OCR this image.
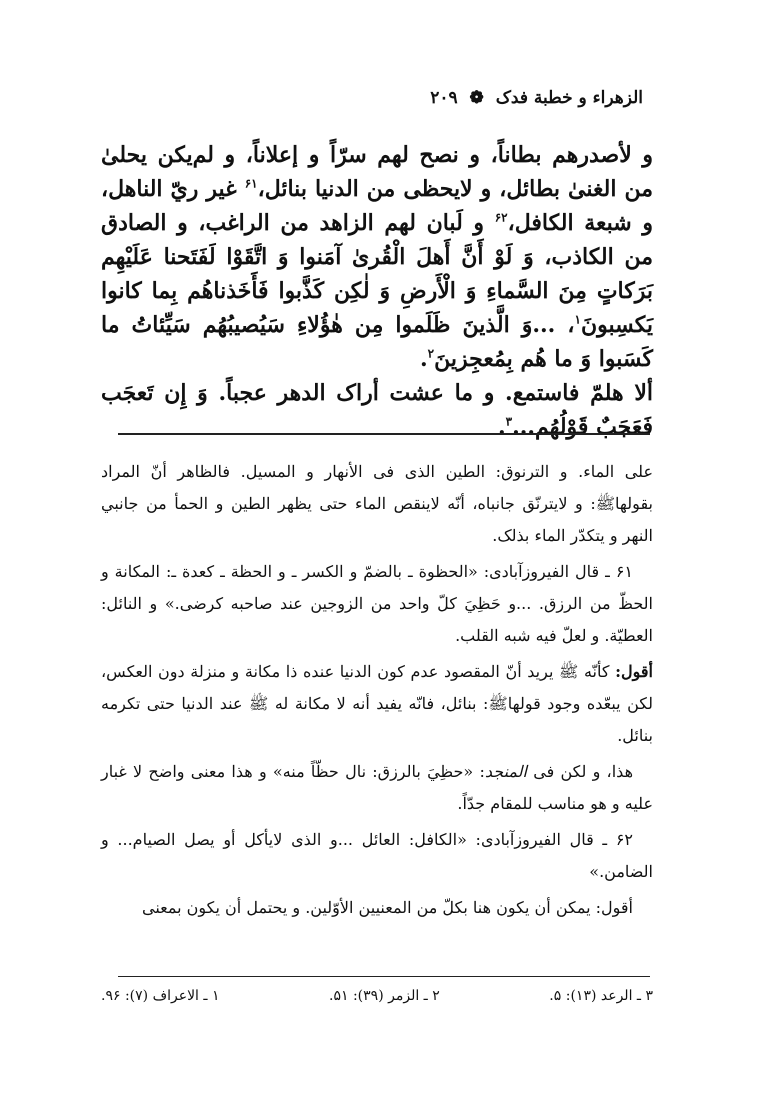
الزهراء و خطبة فدک ❁ ۲۰۹

و لأصدرهم بطاناً، و نصح لهم سرّاً و إعلاناً، و لم‌يكن يحلىٰ من الغنىٰ بطائل، و لايحظى من الدنيا بنائل،$^{۶۱}$ غير ريّ الناهل، و شبعة الكافل،$^{۶۲}$ و لَبان لهم الزاهد من الراغب، و الصادق من الكاذب، وَ لَوْ أَنَّ أَهلَ الْقُرىٰ آمَنوا وَ اتَّقَوْا لَفَتَحنا عَلَيْهِم بَرَكاتٍ مِنَ السَّماءِ وَ الْأَرضِ وَ لٰكِن كَذَّبوا فَأَخَذناهُم بِما كانوا يَكسِبونَ$^۱$، ...وَ الَّذينَ ظَلَموا مِن هٰؤُلاءِ سَيُصيبُهُم سَيِّئاتُ ما كَسَبوا وَ ما هُم بِمُعجِزينَ$^۲$.

ألا هلمّ فاستمع. و ما عشت أراک الدهر عجباً. وَ إِن تَعجَب فَعَجَبٌ قَوْلُهُم...$^۳$.

على الماء. و الترنوق: الطين الذى فى الأنهار و المسيل. فالظاهر أنّ المراد بقولهاﷺ: و لايترنّق جانباه، أنّه لاينقص الماء حتى يظهر الطين و الحمأ من جانبي النهر و يتكدّر الماء بذلک.

۶۱ ـ قال الفيروزآبادى: «الحظوة ـ بالضمّ و الكسر ـ و الحظة ـ كعدة ـ: المكانة و الحظّ من الرزق. ...و حَظِيَ كلّ واحد من الزوجين عند صاحبه كرضى.» و النائل: العطيّة. و لعلّ فيه شبه القلب.

أقول: كأنّه ﷺ يريد أنّ المقصود عدم كون الدنيا عنده ذا مكانة و منزلة دون العكس، لكن يبعّده وجود قولهاﷺ: بنائل، فانّه يفيد أنه لا مكانة له ﷺ عند الدنيا حتى تكرمه بنائل.

هذا، و لكن فى المنجد: «حظِيَ بالرزق: نال حظّاً منه» و هذا معنى واضح لا غبار عليه و هو مناسب للمقام جدّاً.

۶۲ ـ قال الفيروزآبادى: «الكافل: العائل ...و الذى لايأكل أو يصل الصيام... و الضامن.»

أقول: يمكن أن يكون هنا بكلّ من المعنيين الأوّلين. و يحتمل أن يكون بمعنى

۳ ـ الرعد (۱۳): ۵.
۲ ـ الزمر (۳۹): ۵۱.
۱ ـ الاعراف (۷): ۹۶.
